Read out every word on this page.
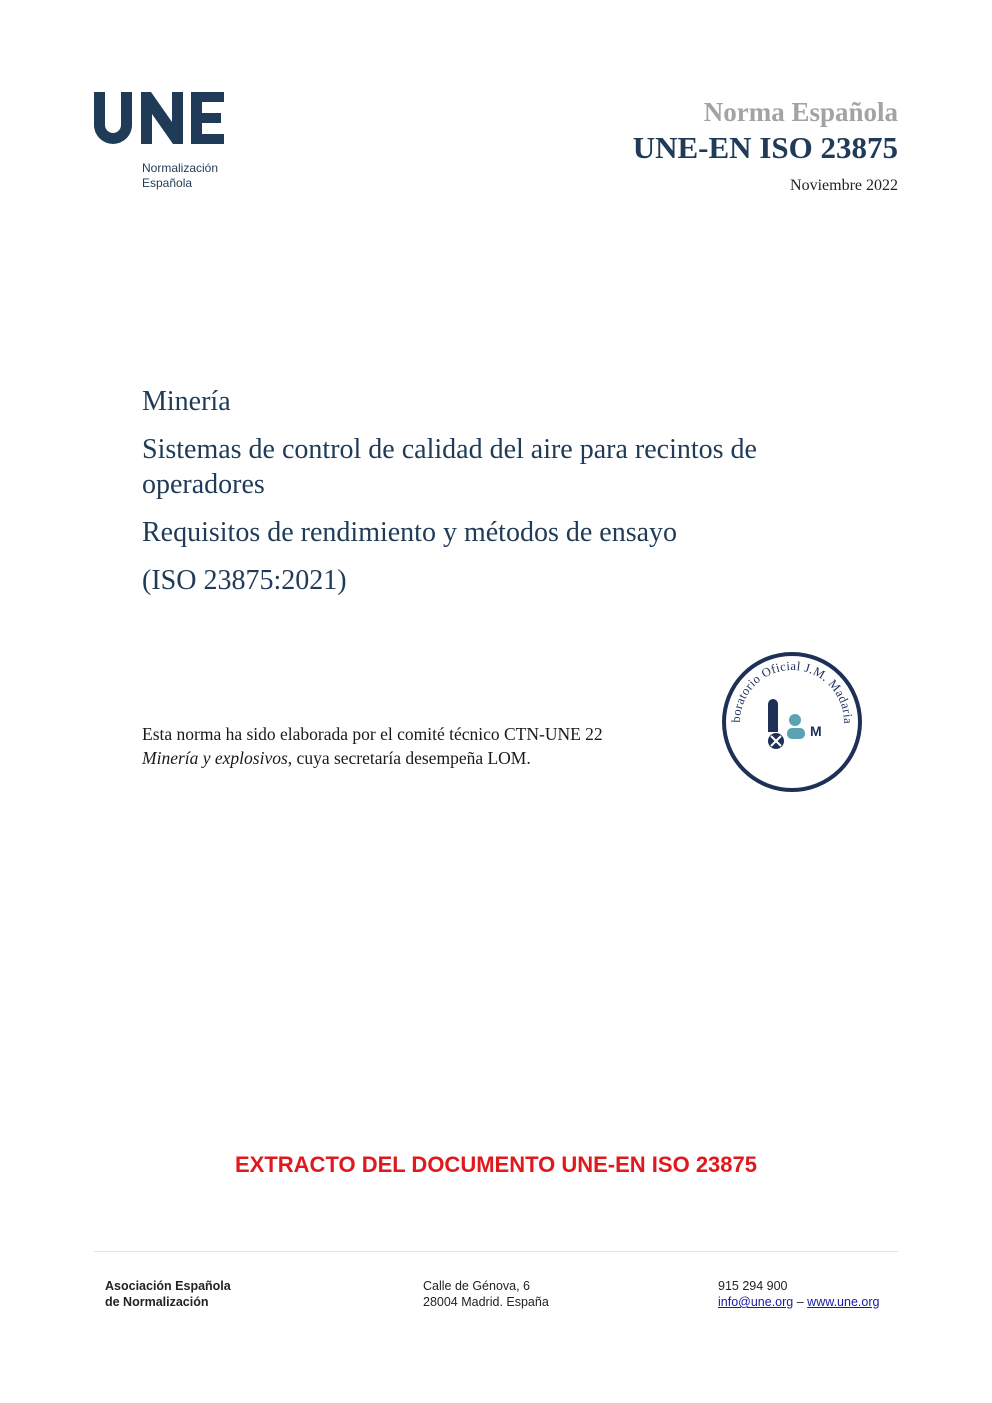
UNE
Normalización
Española
Norma Española
UNE-EN ISO 23875
Noviembre 2022

Minería

Sistemas de control de calidad del aire para recintos de operadores

Requisitos de rendimiento y métodos de ensayo

(ISO 23875:2021)

Esta norma ha sido elaborada por el comité técnico CTN-UNE 22 Minería y explosivos, cuya secretaría desempeña LOM.
boratorio Oficial J.M. Madaria
M
EXTRACTO DEL DOCUMENTO UNE-EN ISO 23875
Asociación Española
de Normalización
Calle de Génova, 6
28004 Madrid. España
915 294 900
info@une.org – www.une.org
